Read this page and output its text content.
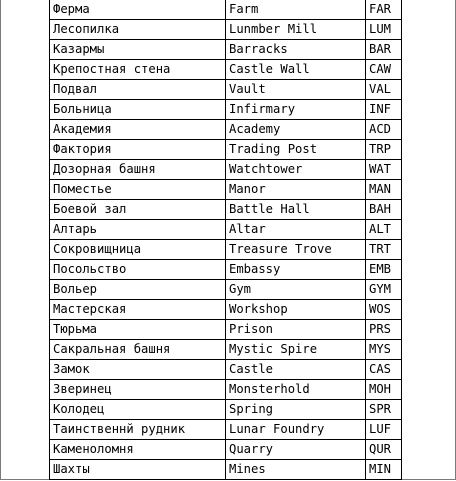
Ферма	Farm	FAR	
Лесопилка	Lunmber Mill	LUM	
Казармы	Barracks	BAR	
Крепостная стена	Castle Wall	CAW	
Подвал	Vault	VAL	
Больница	Infirmary	INF	
Академия	Academy	ACD	
Фактория	Trading Post	TRP	
Дозорная башня	Watchtower	WAT	
Поместье	Manor	MAN	
Боевой зал	Battle Hall	BAH	
Алтарь	Altar	ALT	
Сокровищница	Treasure Trove	TRT	
Посольство	Embassy	EMB	
Вольер	Gym	GYM	
Мастерская	Workshop	WOS	
Тюрьма	Prison	PRS	
Сакральная башня	Mystic Spire	MYS	
Замок	Castle	CAS	
Зверинец	Monsterhold	MOH	
Колодец	Spring	SPR	
Таинственнй рудник	Lunar Foundry	LUF	
Каменоломня	Quarry	QUR	
Шахты	Mines	MIN	
